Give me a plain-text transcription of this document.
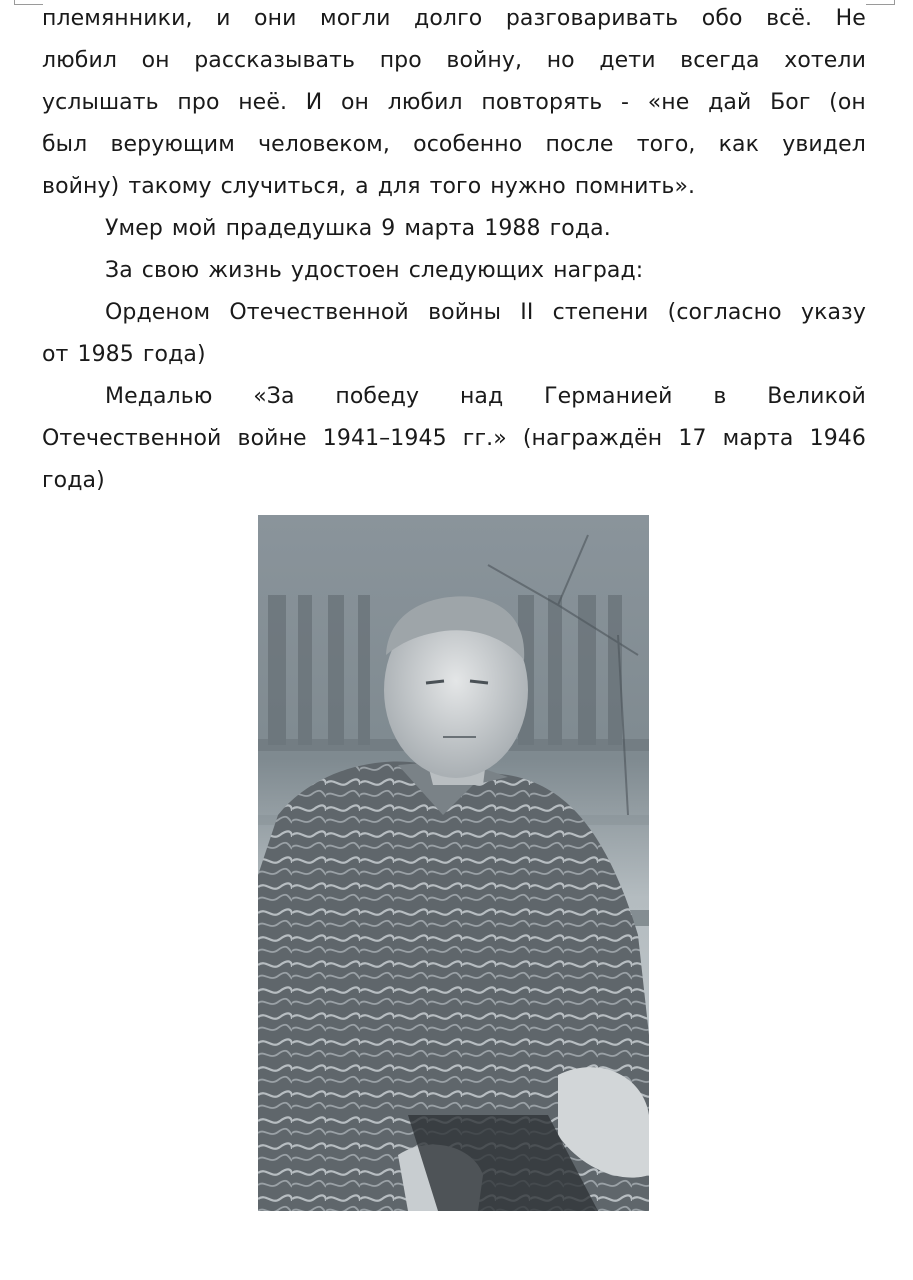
племянники, и они могли долго разговаривать обо всё. Не
любил он рассказывать про войну, но дети всегда хотели
услышать про неё. И он любил повторять - «не дай Бог (он
был верующим человеком, особенно после того, как увидел
войну) такому случиться, а для того нужно помнить».
Умер мой прадедушка 9 марта 1988 года.
За свою жизнь удостоен следующих наград:
Орденом Отечественной войны II степени (согласно указу
от 1985 года)
Медалью «За победу над Германией в Великой
Отечественной войне 1941–1945 гг.» (награждён 17 марта 1946
года)
